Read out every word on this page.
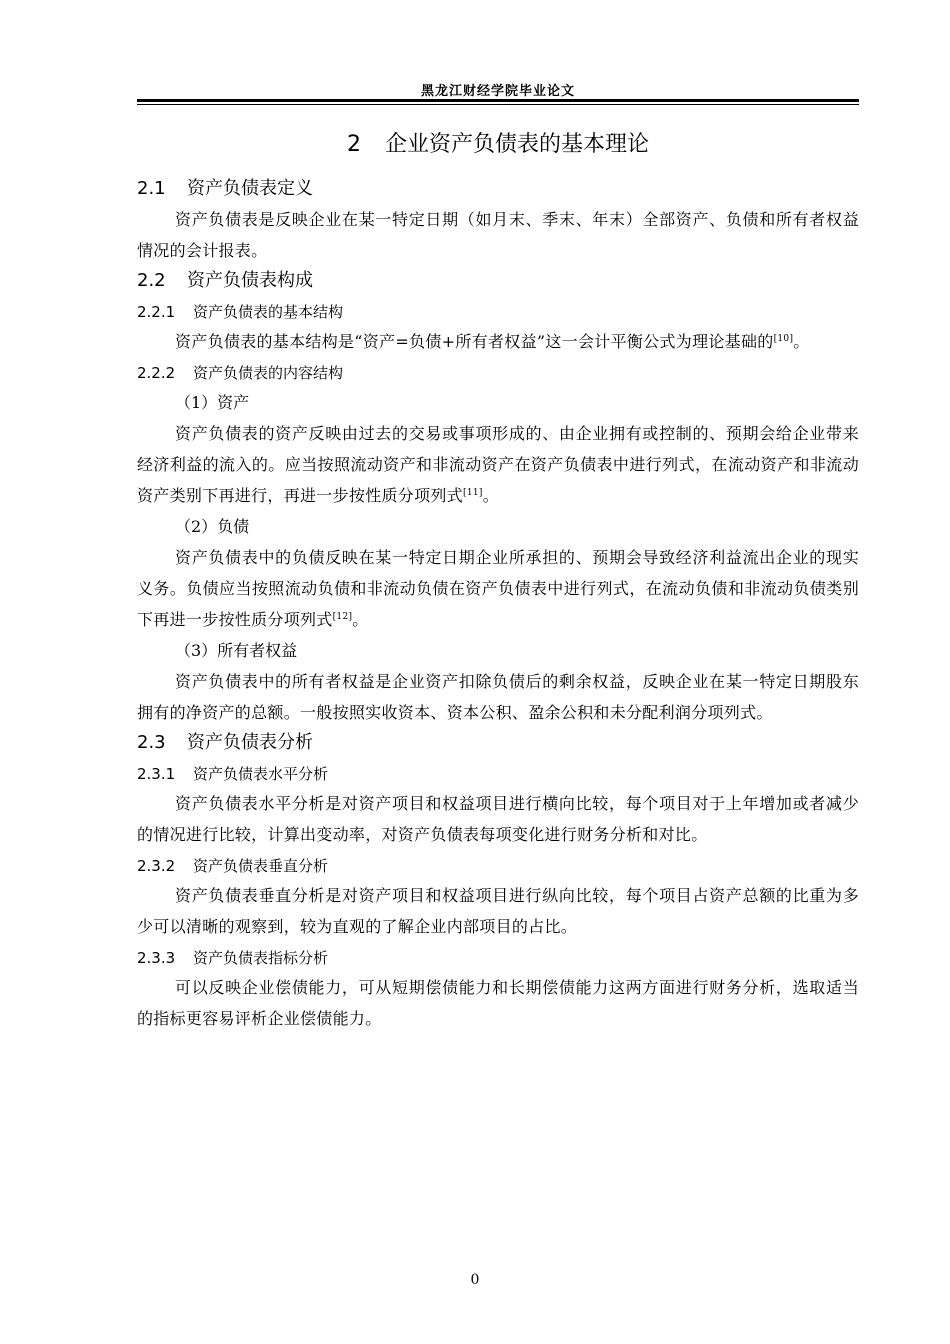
黑龙江财经学院毕业论文
2 企业资产负债表的基本理论
2.1 资产负债表定义

资产负债表是反映企业在某一特定日期（如月末、季末、年末）全部资产、负债和所有者权益情况的会计报表。

2.2 资产负债表构成
2.2.1 资产负债表的基本结构

资产负债表的基本结构是“资产=负债+所有者权益”这一会计平衡公式为理论基础的[10]。

2.2.2 资产负债表的内容结构

（1）资产

资产负债表的资产反映由过去的交易或事项形成的、由企业拥有或控制的、预期会给企业带来经济利益的流入的。应当按照流动资产和非流动资产在资产负债表中进行列式，在流动资产和非流动资产类别下再进行，再进一步按性质分项列式[11]。

（2）负债

资产负债表中的负债反映在某一特定日期企业所承担的、预期会导致经济利益流出企业的现实义务。负债应当按照流动负债和非流动负债在资产负债表中进行列式，在流动负债和非流动负债类别下再进一步按性质分项列式[12]。

（3）所有者权益

资产负债表中的所有者权益是企业资产扣除负债后的剩余权益，反映企业在某一特定日期股东拥有的净资产的总额。一般按照实收资本、资本公积、盈余公积和未分配利润分项列式。

2.3 资产负债表分析
2.3.1 资产负债表水平分析

资产负债表水平分析是对资产项目和权益项目进行横向比较，每个项目对于上年增加或者减少的情况进行比较，计算出变动率，对资产负债表每项变化进行财务分析和对比。

2.3.2 资产负债表垂直分析

资产负债表垂直分析是对资产项目和权益项目进行纵向比较，每个项目占资产总额的比重为多少可以清晰的观察到，较为直观的了解企业内部项目的占比。

2.3.3 资产负债表指标分析

可以反映企业偿债能力，可从短期偿债能力和长期偿债能力这两方面进行财务分析，选取适当的指标更容易评析企业偿债能力。

0
